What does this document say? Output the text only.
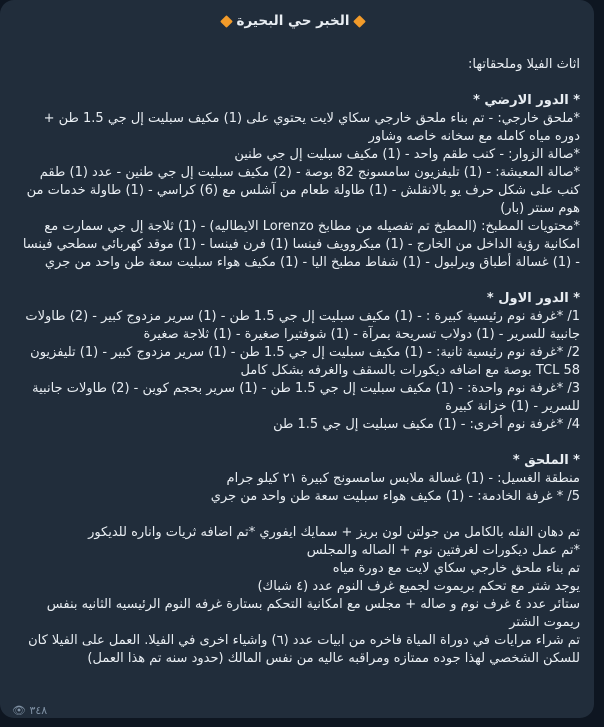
الخبر حي البحيرة
اثاث الفيلا وملحقاتها:
* الدور الارضي *
*ملحق خارجي: - تم بناء ملحق خارجي سكاي لايت يحتوي على (1) مكيف سبليت إل جي 1.5 طن +
دوره مياه كامله مع سخانه خاصه وشاور
*صالة الزوار: - كنب طقم واحد - (1) مكيف سبليت إل جي طنين
*صالة المعيشة: - (1) تليفزيون سامسونج 82 بوصة - (2) مكيف سبليت إل جي طنين - عدد (1) طقم
كنب على شكل حرف يو بالانقلش - (1) طاولة طعام من آشلس مع (6) كراسي - (1) طاولة خدمات من
هوم سنتر (بار)
*محتويات المطبخ: (المطبخ تم تفصيله من مطابخ Lorenzo الايطاليه) - (1) ثلاجة إل جي سمارت مع
امكانية رؤية الداخل من الخارج - (1) ميكروويف فينسا (1) فرن فينسا - (1) موقد كهربائي سطحي فينسا
- (1) غسالة أطباق ويرلبول - (1) شفاط مطبخ اليا - (1) مكيف هواء سبليت سعة طن واحد من جري
* الدور الاول *
1/ *غرفة نوم رئيسية كبيرة : - (1) مكيف سبليت إل جي 1.5 طن - (1) سرير مزدوج كبير - (2) طاولات
جانبية للسرير - (1) دولاب تسريحة بمرآة - (1) شوفتيرا صغيرة - (1) ثلاجة صغيرة
2/ *غرفة نوم رئيسية ثانية: - (1) مكيف سبليت إل جي 1.5 طن - (1) سرير مزدوج كبير - (1) تليفزيون
TCL 58 بوصة مع اضافه ديكورات بالسقف والغرفه بشكل كامل
3/ *غرفة نوم واحدة: - (1) مكيف سبليت إل جي 1.5 طن - (1) سرير بحجم كوين - (2) طاولات جانبية
للسرير - (1) خزانة كبيرة
4/ *غرفة نوم أخرى: - (1) مكيف سبليت إل جي 1.5 طن
* الملحق *
منطقة الغسيل: - (1) غسالة ملابس سامسونج كبيرة ٢١ كيلو جرام
5/ * غرفة الخادمة: - (1) مكيف هواء سبليت سعة طن واحد من جري
تم دهان الفله بالكامل من جولتن لون بريز + سمايك ايفوري *تم اضافه ثريات واناره للديكور
*تم عمل ديكورات لغرفتين نوم + الصاله والمجلس
تم بناء ملحق خارجي سكاي لايت مع دورة مياه
يوجد شتر مع تحكم بريموت لجميع غرف النوم عدد (٤ شباك)
ستائر عدد ٤ غرف نوم و صاله + مجلس مع امكانية التحكم بستارة غرفه النوم الرئيسيه الثانيه بنفس
ريموت الشتر
تم شراء مرايات في دوراة المياة فاخره من ابيات عدد (٦) واشياء اخرى في الفيلا. العمل على الفيلا كان
للسكن الشخصي لهذا جوده ممتازه ومراقبه عاليه من نفس المالك (حدود سنه تم هذا العمل)
👁 ٣٤٨
